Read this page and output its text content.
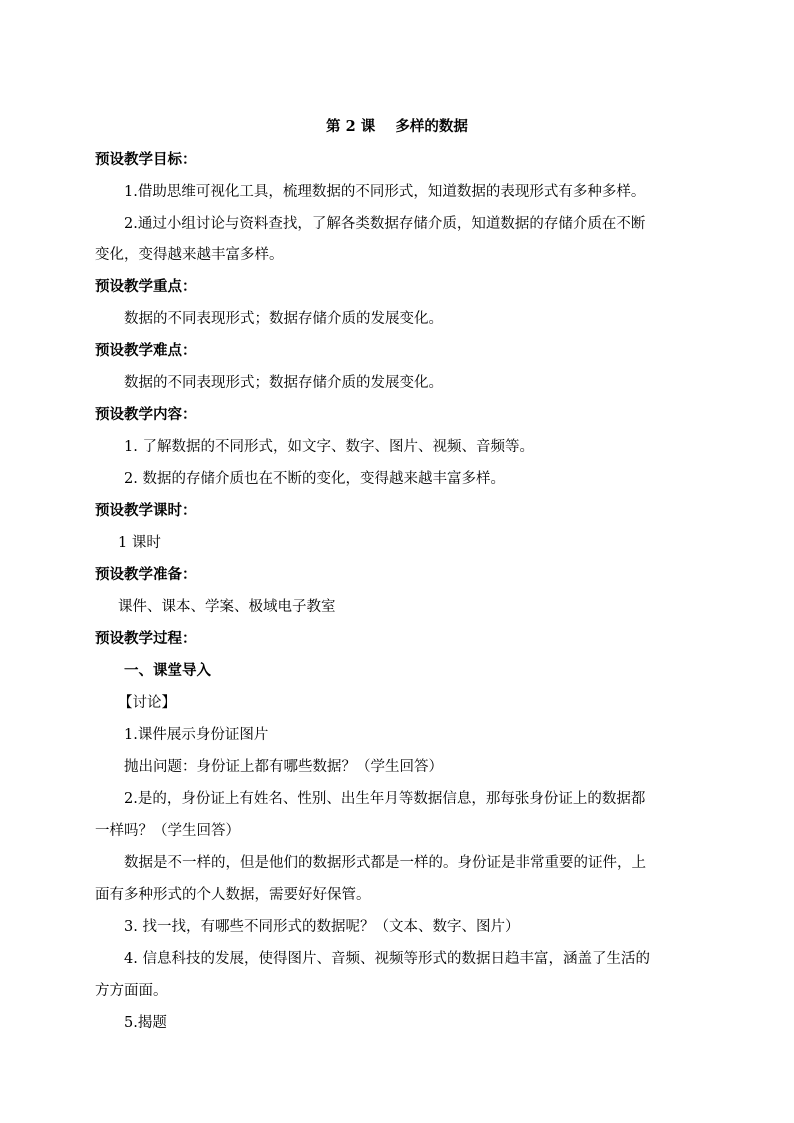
第 2 课    多样的数据
预设教学目标：
1.借助思维可视化工具，梳理数据的不同形式，知道数据的表现形式有多种多样。
2.通过小组讨论与资料查找，了解各类数据存储介质，知道数据的存储介质在不断
变化，变得越来越丰富多样。
预设教学重点：
数据的不同表现形式；数据存储介质的发展变化。
预设教学难点：
数据的不同表现形式；数据存储介质的发展变化。
预设教学内容：
1. 了解数据的不同形式，如文字、数字、图片、视频、音频等。
2. 数据的存储介质也在不断的变化，变得越来越丰富多样。
预设教学课时：
1 课时
预设教学准备：
课件、课本、学案、极域电子教室
预设教学过程：
一、课堂导入
【讨论】
1.课件展示身份证图片
抛出问题：身份证上都有哪些数据？（学生回答）
2.是的，身份证上有姓名、性别、出生年月等数据信息，那每张身份证上的数据都
一样吗？（学生回答）
数据是不一样的，但是他们的数据形式都是一样的。身份证是非常重要的证件，上
面有多种形式的个人数据，需要好好保管。
3. 找一找，有哪些不同形式的数据呢？（文本、数字、图片）
4. 信息科技的发展，使得图片、音频、视频等形式的数据日趋丰富，涵盖了生活的
方方面面。
5.揭题
